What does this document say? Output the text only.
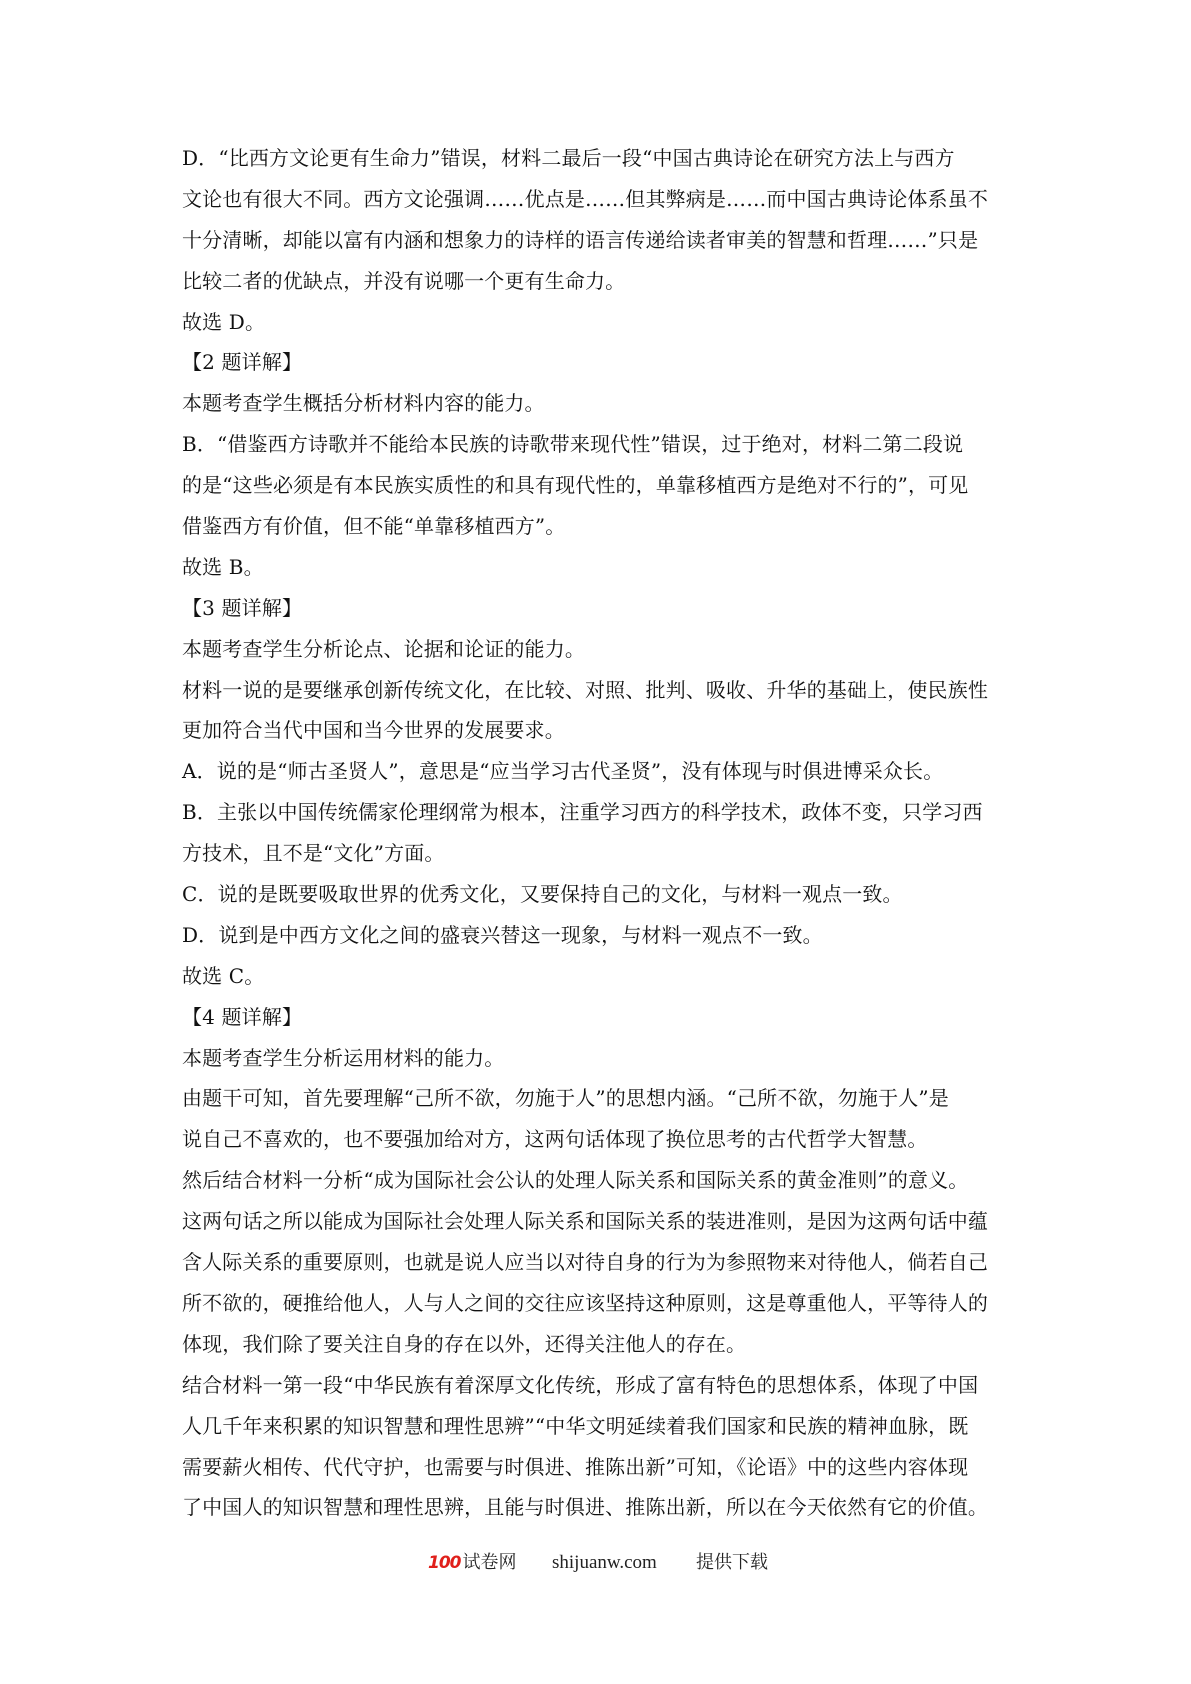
D．“比西方文论更有生命力”错误，材料二最后一段“中国古典诗论在研究方法上与西方
文论也有很大不同。西方文论强调……优点是……但其弊病是……而中国古典诗论体系虽不
十分清晰，却能以富有内涵和想象力的诗样的语言传递给读者审美的智慧和哲理……”只是
比较二者的优缺点，并没有说哪一个更有生命力。
故选 D。
【2 题详解】
本题考查学生概括分析材料内容的能力。
B．“借鉴西方诗歌并不能给本民族的诗歌带来现代性”错误，过于绝对，材料二第二段说
的是“这些必须是有本民族实质性的和具有现代性的，单靠移植西方是绝对不行的”，可见
借鉴西方有价值，但不能“单靠移植西方”。
故选 B。
【3 题详解】
本题考查学生分析论点、论据和论证的能力。
材料一说的是要继承创新传统文化，在比较、对照、批判、吸收、升华的基础上，使民族性
更加符合当代中国和当今世界的发展要求。
A．说的是“师古圣贤人”，意思是“应当学习古代圣贤”，没有体现与时俱进博采众长。
B．主张以中国传统儒家伦理纲常为根本，注重学习西方的科学技术，政体不变，只学习西
方技术，且不是“文化”方面。
C．说的是既要吸取世界的优秀文化，又要保持自己的文化，与材料一观点一致。
D．说到是中西方文化之间的盛衰兴替这一现象，与材料一观点不一致。
故选 C。
【4 题详解】
本题考查学生分析运用材料的能力。
由题干可知，首先要理解“己所不欲，勿施于人”的思想内涵。“己所不欲，勿施于人”是
说自己不喜欢的，也不要强加给对方，这两句话体现了换位思考的古代哲学大智慧。
然后结合材料一分析“成为国际社会公认的处理人际关系和国际关系的黄金准则”的意义。
这两句话之所以能成为国际社会处理人际关系和国际关系的装进准则，是因为这两句话中蕴
含人际关系的重要原则，也就是说人应当以对待自身的行为为参照物来对待他人，倘若自己
所不欲的，硬推给他人，人与人之间的交往应该坚持这种原则，这是尊重他人，平等待人的
体现，我们除了要关注自身的存在以外，还得关注他人的存在。
结合材料一第一段“中华民族有着深厚文化传统，形成了富有特色的思想体系，体现了中国
人几千年来积累的知识智慧和理性思辨”“中华文明延续着我们国家和民族的精神血脉，既
需要薪火相传、代代守护，也需要与时俱进、推陈出新”可知，《论语》中的这些内容体现
了中国人的知识智慧和理性思辨，且能与时俱进、推陈出新，所以在今天依然有它的价值。
100 试卷网 shijuanw.com 提供下载
